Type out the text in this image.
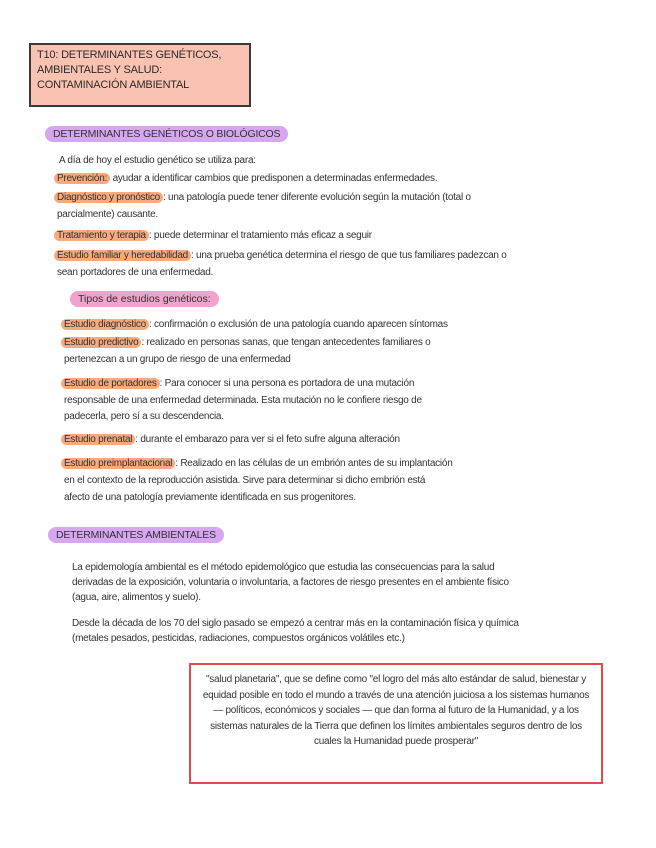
T10: DETERMINANTES GENÉTICOS, AMBIENTALES Y SALUD: CONTAMINACIÓN AMBIENTAL
DETERMINANTES GENÉTICOS O BIOLÓGICOS
A día de hoy el estudio genético se utiliza para:
Prevención: ayudar a identificar cambios que predisponen a determinadas enfermedades.
Diagnóstico y pronóstico : una patología puede tener diferente evolución según la mutación (total o
parcialmente) causante.
Tratamiento y terapia : puede determinar el tratamiento más eficaz a seguir
Estudio familiar y heredabilidad : una prueba genética determina el riesgo de que tus familiares padezcan o
sean portadores de una enfermedad.
Tipos de estudios genéticos:
Estudio diagnóstico : confirmación o exclusión de una patología cuando aparecen síntomas
Estudio predictivo : realizado en personas sanas, que tengan antecedentes familiares o
pertenezcan a un grupo de riesgo de una enfermedad
Estudio de portadores : Para conocer si una persona es portadora de una mutación
responsable de una enfermedad determinada. Esta mutación no le confiere riesgo de
padecerla, pero sí a su descendencia.
Estudio prenatal : durante el embarazo para ver si el feto sufre alguna alteración
Estudio preimplantacional : Realizado en las células de un embrión antes de su implantación
en el contexto de la reproducción asistida. Sirve para determinar si dicho embrión está
afecto de una patología previamente identificada en sus progenitores.
DETERMINANTES AMBIENTALES
La epidemología ambiental es el método epidemológico que estudia las consecuencias para la salud derivadas de la exposición, voluntaria o involuntaria, a factores de riesgo presentes en el ambiente físico (agua, aire, alimentos y suelo).
Desde la década de los 70 del siglo pasado se empezó a centrar más en la contaminación física y química (metales pesados, pesticidas, radiaciones, compuestos orgánicos volátiles etc.)
"salud planetaria", que se define como "el logro del más alto estándar de salud, bienestar y equidad posible en todo el mundo a través de una atención juiciosa a los sistemas humanos — políticos, económicos y sociales — que dan forma al futuro de la Humanidad, y a los sistemas naturales de la Tierra que definen los límites ambientales seguros dentro de los cuales la Humanidad puede prosperar"
